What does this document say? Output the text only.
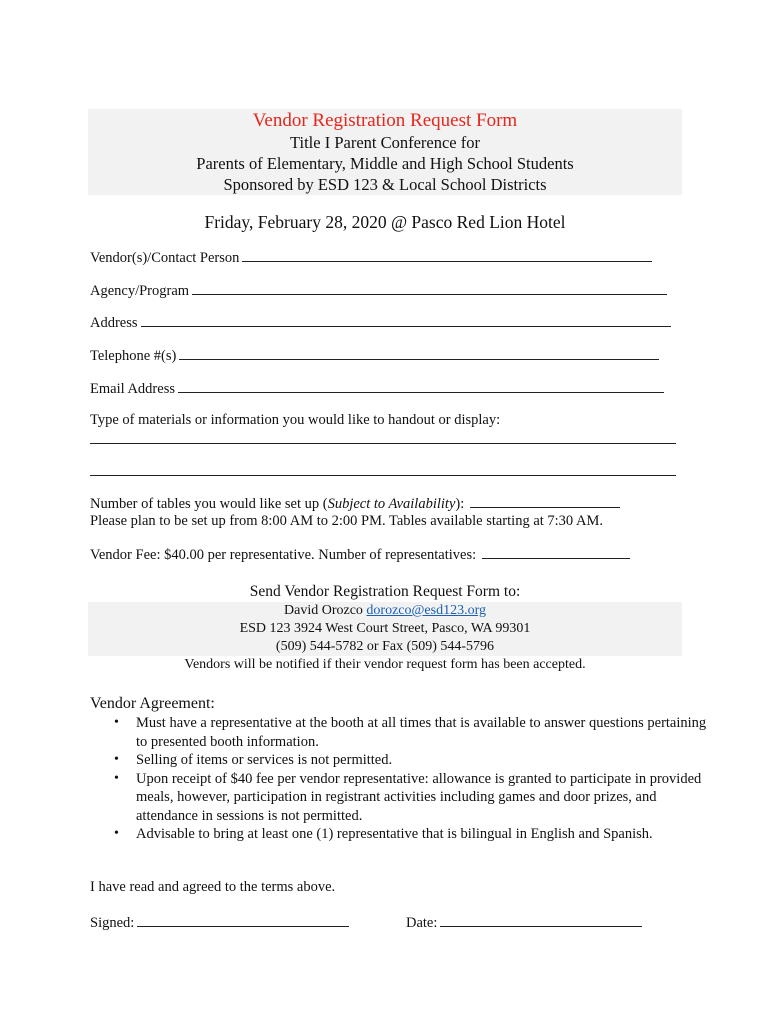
Vendor Registration Request Form
Title I Parent Conference for
Parents of Elementary, Middle and High School Students
Sponsored by ESD 123 & Local School Districts
Friday, February 28, 2020 @ Pasco Red Lion Hotel
Vendor(s)/Contact Person
Agency/Program
Address
Telephone #(s)
Email Address
Type of materials or information you would like to handout or display:
Number of tables you would like set up (Subject to Availability):
Please plan to be set up from 8:00 AM to 2:00 PM. Tables available starting at 7:30 AM.
Vendor Fee: $40.00 per representative. Number of representatives:
Send Vendor Registration Request Form to:
David Orozco dorozco@esd123.org
ESD 123 3924 West Court Street, Pasco, WA 99301
(509) 544-5782 or Fax (509) 544-5796
Vendors will be notified if their vendor request form has been accepted.
Vendor Agreement:
• Must have a representative at the booth at all times that is available to answer questions pertaining to presented booth information.
• Selling of items or services is not permitted.
• Upon receipt of $40 fee per vendor representative: allowance is granted to participate in provided meals, however, participation in registrant activities including games and door prizes, and attendance in sessions is not permitted.
• Advisable to bring at least one (1) representative that is bilingual in English and Spanish.
I have read and agreed to the terms above.
Signed:	Date:
